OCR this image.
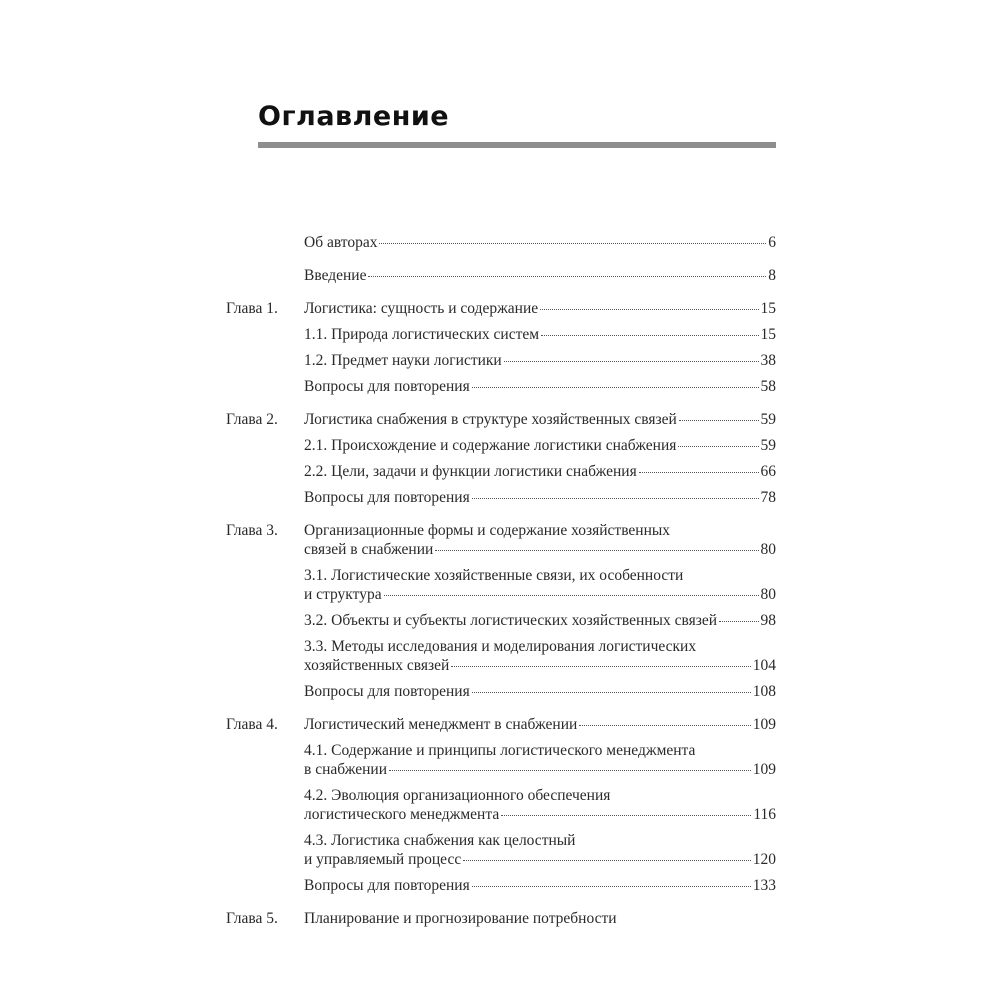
Оглавление
Об авторах	6
Введение	8
Глава 1.	Логистика: сущность и содержание	15
1.1. Природа логистических систем	15
1.2. Предмет науки логистики	38
Вопросы для повторения	58
Глава 2.	Логистика снабжения в структуре хозяйственных связей	59
2.1. Происхождение и содержание логистики снабжения	59
2.2. Цели, задачи и функции логистики снабжения	66
Вопросы для повторения	78
Глава 3.	Организационные формы и содержание хозяйственных
связей в снабжении	80
3.1. Логистические хозяйственные связи, их особенности
и структура	80
3.2. Объекты и субъекты логистических хозяйственных связей	98
3.3. Методы исследования и моделирования логистических
хозяйственных связей	104
Вопросы для повторения	108
Глава 4.	Логистический менеджмент в снабжении	109
4.1. Содержание и принципы логистического менеджмента
в снабжении	109
4.2. Эволюция организационного обеспечения
логистического менеджмента	116
4.3. Логистика снабжения как целостный
и управляемый процесс	120
Вопросы для повторения	133
Глава 5.	Планирование и прогнозирование потребности
